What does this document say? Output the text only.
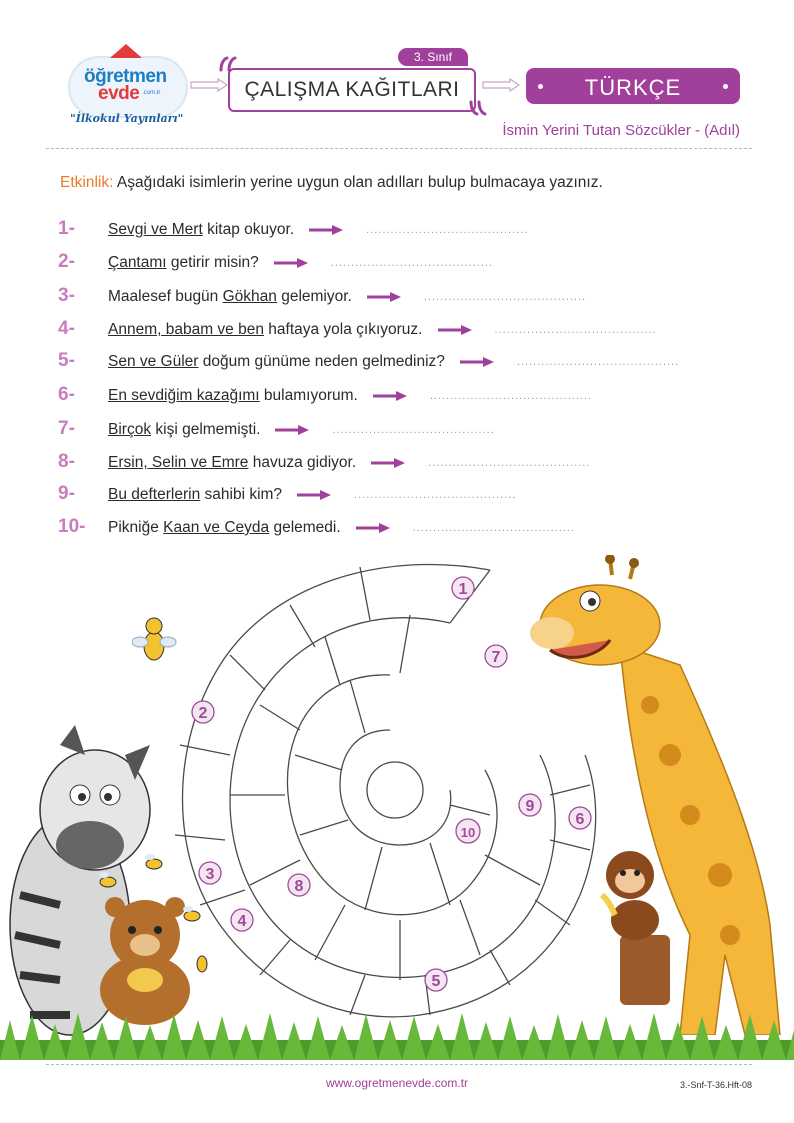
öğretmen
evde .com.tr
"İlkokul Yayınları"
3. Sınıf
ÇALIŞMA KAĞITLARI	TÜRKÇE
İsmin Yerini Tutan Sözcükler - (Adıl)
Etkinlik: Aşağıdaki isimlerin yerine uygun olan adılları bulup bulmacaya yazınız.
1- Sevgi ve Mert kitap okuyor.	........................................
2- Çantamı getirir misin?	........................................
3- Maalesef bugün Gökhan gelemiyor.	........................................
4- Annem, babam ve ben haftaya yola çıkıyoruz.	........................................
5- Sen ve Güler doğum günüme neden gelmediniz?	........................................
6- En sevdiğim kazağımı bulamıyorum.	........................................
7- Birçok kişi gelmemişti.	........................................
8- Ersin, Selin ve Emre havuza gidiyor.	........................................
9- Bu defterlerin sahibi kim?	........................................
10- Pikniğe Kaan ve Ceyda gelemedi.	........................................
1
2
3
4
5
6
7
8
9
10
www.ogretmenevde.com.tr	3.-Snf-T-36.Hft-08
